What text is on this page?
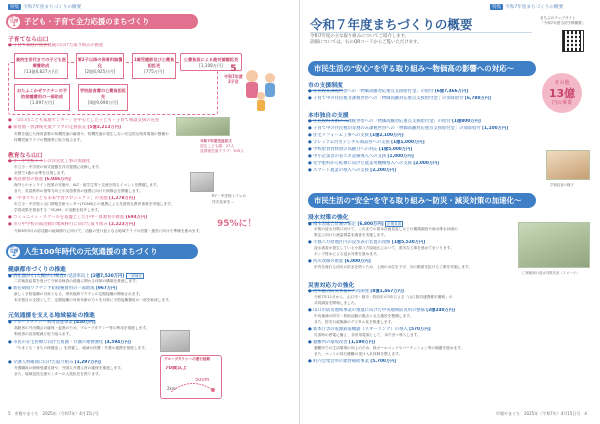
特集 令和7年度まちづくりの概要
基本
目標
1 子ども・子育て全力応援のまちづくり
子育てなら山口
● 子育て家庭の負担軽減に向けた取り組みの推進
高校生世代までの子ども医療費助成
[13億6,827万円]
第2子以降の保育料無償化
[2億6,925万円]
1歳児健診及び公費負担拡充
[775万円]
おたふくかぜワクチンの予防接種費用の一部助成
[1,097万円]
学校給食費の公費負担拡充
[4億9,690万円]
公費負担による絶対値額拡充
[1,108万円] 5
令和7年度
2子目
● 「山口市こども家庭センター」を中心とした子ども・子育て相談支援の充実
● 保育園・放課後児童クラブの定員拡充 [5億3,213万円]
年間を通じた保育需要の待機児童の解消や、待機児童が発生しない安定的な保育環境の整備や
待機児童クラブの整備等に取り組みます。	令和7年度定員拡大
認定こども園：27人
放課後児童クラブ：305人
教育なら山口
● 小・中学校トイレの洋式化工事の加速化
市立小・中学校の和式便器を洋式便器に改修します。
全国で1番の水準を目指します。
R7・中学校トイレの
洋式化率を…
95%に！
● 英語教育の推進 [6,046万円]
海外とのオンライン授業の実施や、ALT・留学生等と交流を図るイベントを開催します。
また、英語教科の指導力向上や英語教育の連携に向けた研修会を開催します。
● 「やまぐち子ども未来学習プロジェクト」の実施 [1,278万円]
市立小・中学校と山口情報芸術センター[YCAM]との連携による先進的な教育事業を実施します。
学習成果を発表する「YCAM」の活動を紹介します。
● コミュニティ・スクールを基盤とした小中一貫教育の推進 [694万円]
● 市立中学校の部活動の地域移行に向けた取り組み [2,223万円]
令和8年9月の部活動の地域移行に向けて、活動の受け皿となる地域クラブの設置・運営に向けた準備を進めます。
基本
目標
2 人生100年時代の元気通援のまちづくり
健康都市づくりの推進
● 消化器がん(大腸がん)検査の受診率向上 [2億7,520万円] 一部補正
二次検査結果を受けて令和各検査の経過に関わる体制の構築を推進します。
● 新任期成ワクチン予防接種費用の一部助成 [967万円]
新しく予防接種の対象となる、帯状疱疹ワクチンの定期接種が開始されます。
本市独自の支援として、定期接種の対象年齢の方々を対象に予防接種費用の一部を助成します。
元気通援を支える地域福祉の推進
● グループタクシー利用促進事業 [450万円]
高齢者の外出機会の確保・促進のため、グループタクシー等の利用を推進します。
利用者の負担軽減に取り組みます。
● 市民の在宅医療に向けた看護・介護の連携強化 [4,594万円]
「やまぐち「まちの保健室」」を設置し、地域の医療・介護の連携を推進します。
● 介護人材確保に向けた取り組み [1,297万円]
介護職員の研修受講支援や、外国人介護人材の確保を推進します。
また、地域包括支援センターの人員拡充を図ります。
グループタクシーの運行経路
70歳以上
500m
2km
5　市報やまぐち　2025年（令和7年）4月15日号
特集 令和7年度まちづくりの概要
令和７年度まちづくりの概要
令和7年度の主な取り組みについてご紹介します。
詳細については、右のQRコードからご覧いただけます。
まちぶのウェブサイト
「令和7年度当初予算概要」
市民生活の"安心"を守る取り組み～物価高の影響への対応～
市の支援制度
● 住民税非課税世帯への「物価高騰対応重点支援給付金」の給付 [6億7,466万円]
● 子育て中の住民税非課税世帯への「物価高騰対応重点支援給付金」の加算給付 [6,780万円]
その他
13億
円の事業
本市独自の支援
● 住民税均等割のみ課税世帯への「物価高騰対応重点支援給付金」の給付 [1億800万円]
● 子育て中の住民税均等割のみ課税世帯への「物価高騰対応重点支援給付金」の加算給付 [1,100万円]
● 住宅リフォーム工事への支援 [1億2,100万円]
● プレミアム付きデジタル商品券への支援 [1億1,000万円]
● 学校給食食材費の高騰分への対応 [1億5,000万円]
● 中小企業者の省エネ設備導入への支援 [1,000万円]
● 化学肥料から転換に向けた農業用機械導入への支援 [2,000万円]
● スマート農業の導入への支援 [2,200万円]
学校給食の様子
市民生活の"安全"を守る取り組み～防災・減災対策の加速化～
浸水対策の強化
● 南水害総合計画の策定 [6,800万円] 企業負担
市街の浸水対策に向けて、これまでの基本計画見直しなどの観測調査や雨水排水計画の
策定に向けた流量測量を調査を実施します。
● 小郡八方原地区内の浸水表示装置の改修 [1億5,520万円]
浸水被害が発生している小郡八方原地区において、着実な工事を進めてまいります。
ポンプ排水による浸水対策を進めます。
● 河川改修の推進 [6,000万円]
市内を流れる河川の洪水を防ぐため、上流の水位を下げ、川の断面を拡げる工事を実施します。
仁保地域の浸水対策状況（イメージ）
災害対応力の強化
● 治水総合防災事業の共同開発 [8億1,467万円]
令和7年11月から、山口市・萩市・防府市の3市による「山口県央連携都市圏域」の
共同調査を開始しました。
● 山口市防災地域事業の推進に向けた中央地域防災用の整備 [2億240万円]
中央地域の防災・救助活動の拠点となる施設を整備します。
また、防災行政無線のデジタル化を推進します。
● 新本庁舎の電源鉄道機器（スターリング）の導入 [570万円]
災害時の停電に備え、非常用電源として、本庁舎へ導入します。
● 避難所の環境改善 [1,190万円]
避難所での生活環境の向上のため、段ボールベッドやパーティション等の備蓄を進めます。
また、ペットの同行避難の受け入れ体制を整えます。
● 町内会集会所の建替補助事業 [5,700万円]
市報やまぐち　2025年（令和7年）4月15日号　4
